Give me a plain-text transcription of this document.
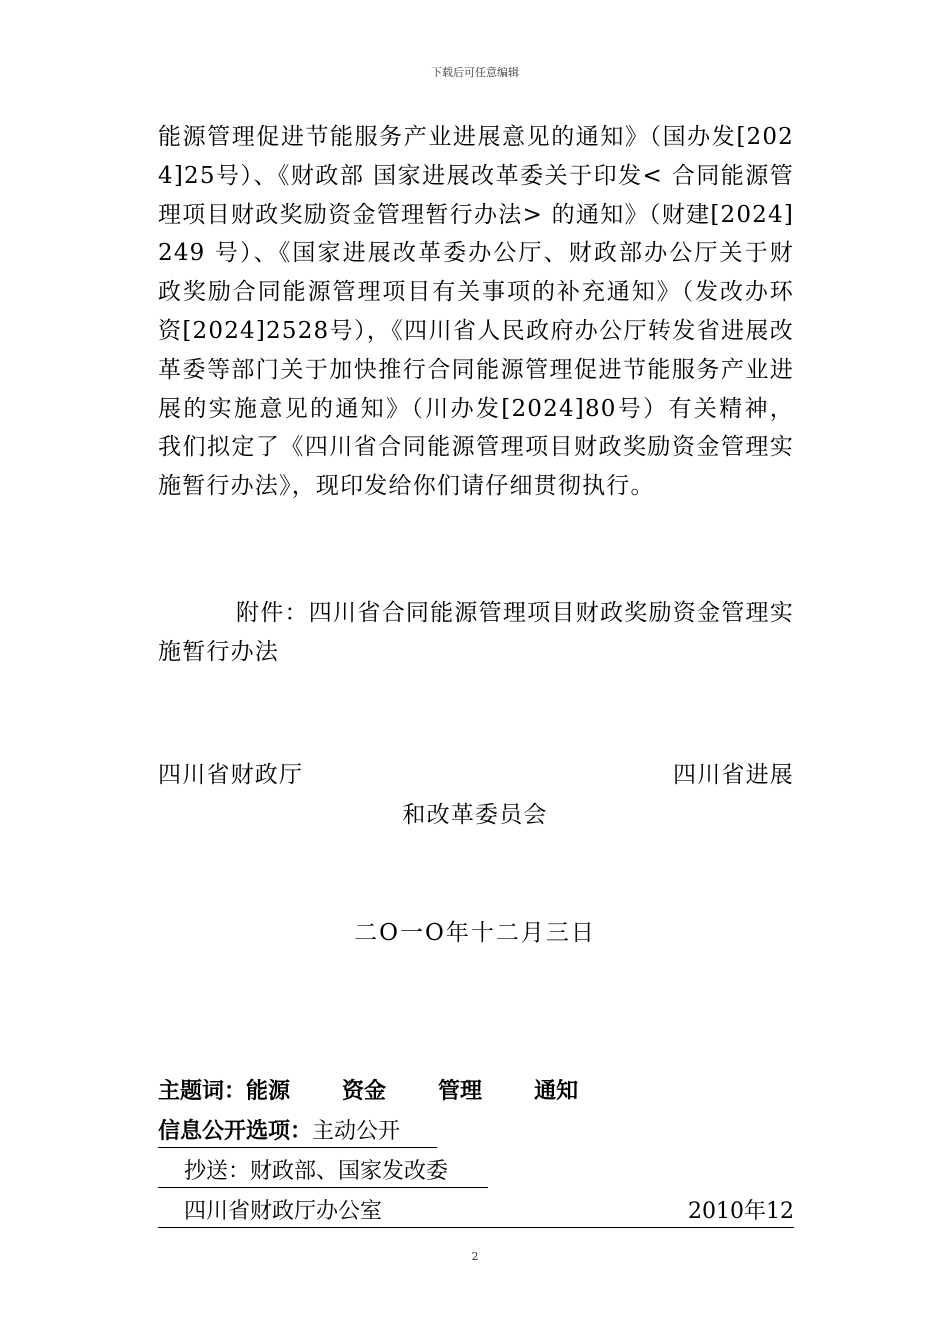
下载后可任意编辑
能源管理促进节能服务产业进展意见的通知》（国办发[2024]25号）、《财政部 国家进展改革委关于印发< 合同能源管理项目财政奖励资金管理暂行办法> 的通知》（财建[2024]249 号）、《国家进展改革委办公厅、财政部办公厅关于财政奖励合同能源管理项目有关事项的补充通知》（发改办环资[2024]2528号），《四川省人民政府办公厅转发省进展改革委等部门关于加快推行合同能源管理促进节能服务产业进展的实施意见的通知》（川办发[2024]80号）有关精神，我们拟定了《四川省合同能源管理项目财政奖励资金管理实施暂行办法》，现印发给你们请仔细贯彻执行。
附件：四川省合同能源管理项目财政奖励资金管理实施暂行办法
四川省财政厅	四川省进展
和改革委员会
二O一O年十二月三日
主题词：能源 资金 管理 通知
信息公开选项：主动公开
抄送：财政部、国家发改委
四川省财政厅办公室	2010年12
2
